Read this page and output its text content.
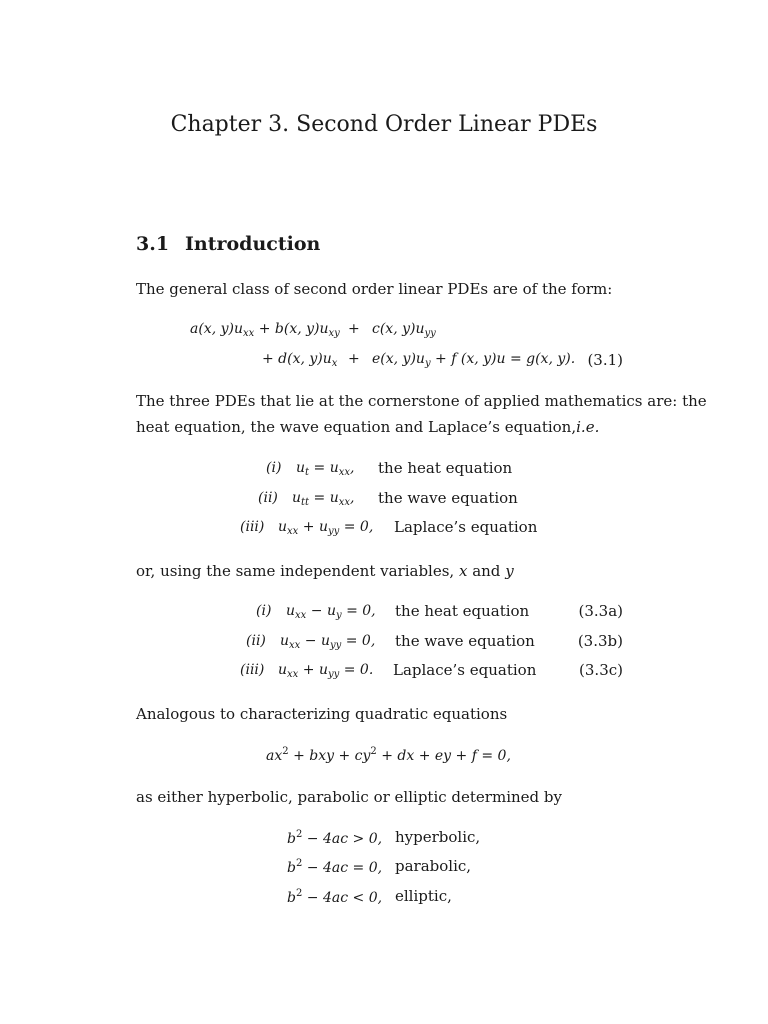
Chapter 3. Second Order Linear PDEs
3.1 Introduction
The general class of second order linear PDEs are of the form:
a(x, $y)u_{xx} + b(x$, $y)u_{xy} + c(x$, $y)u_{yy}$
+ d(x, $y)u_x + e(x$, $y)u_y + f$ (x, y)u = g(x, y). (3.1)
The three PDEs that lie at the cornerstone of applied mathematics are: the
heat equation, the wave equation and Laplace’s equation,i.e.
(i) $u_t = u_{xx}$, the heat equation
(ii) $u_{tt} = u_{xx}$, the wave equation
(iii) $u_{xx} + u_{yy} = 0$, Laplace’s equation
or, using the same independent variables, x and y
(i) $u_{xx} - u_y = 0$, the heat equation	(3.3a)
(ii) $u_{xx} - u_{yy} = 0$, the wave equation	(3.3b)
(iii) $u_{xx} + u_{yy} = 0$. Laplace’s equation	(3.3c)
Analogous to characterizing quadratic equations
$ax^2$ + bxy + $cy^2$ + dx + ey + f = 0,
as either hyperbolic, parabolic or elliptic determined by
$b^2 - 4ac > 0$, hyperbolic,
$b^2 - 4ac = 0$, parabolic,
$b^2 - 4ac < 0$, elliptic,
